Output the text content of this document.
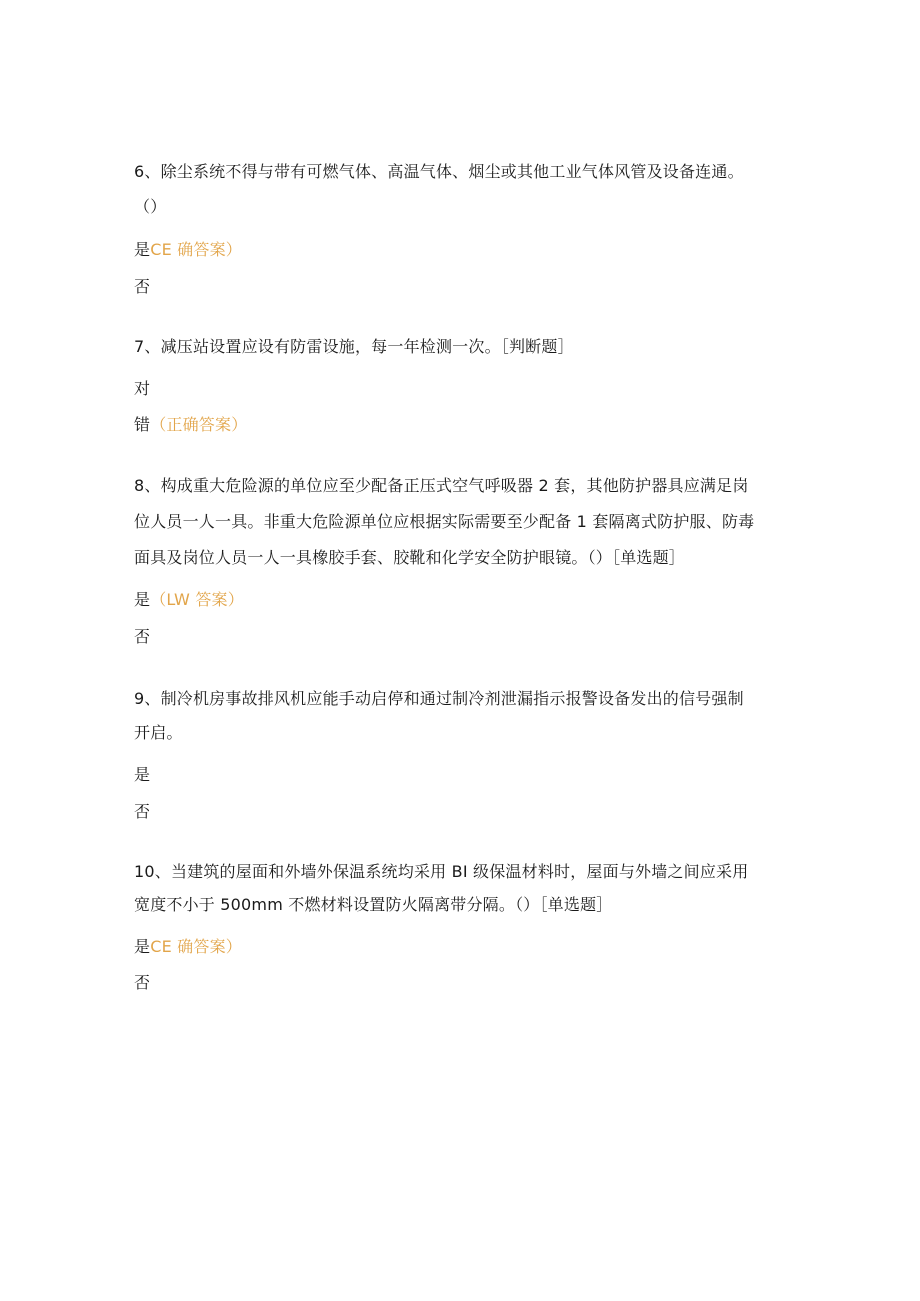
6、除尘系统不得与带有可燃气体、高温气体、烟尘或其他工业气体风管及设备连通。
（）
是CE 确答案）
否
7、减压站设置应设有防雷设施，每一年检测一次。［判断题］
对
错（正确答案）
8、构成重大危险源的单位应至少配备正压式空气呼吸器 2 套，其他防护器具应满足岗
位人员一人一具。非重大危险源单位应根据实际需要至少配备 1 套隔离式防护服、防毒
面具及岗位人员一人一具橡胶手套、胶靴和化学安全防护眼镜。（）［单选题］
是（LW 答案）
否
9、制冷机房事故排风机应能手动启停和通过制冷剂泄漏指示报警设备发出的信号强制
开启。
是
否
10、当建筑的屋面和外墙外保温系统均采用 BI 级保温材料时，屋面与外墙之间应采用
宽度不小于 500mm 不燃材料设置防火隔离带分隔。（）［单选题］
是CE 确答案）
否
